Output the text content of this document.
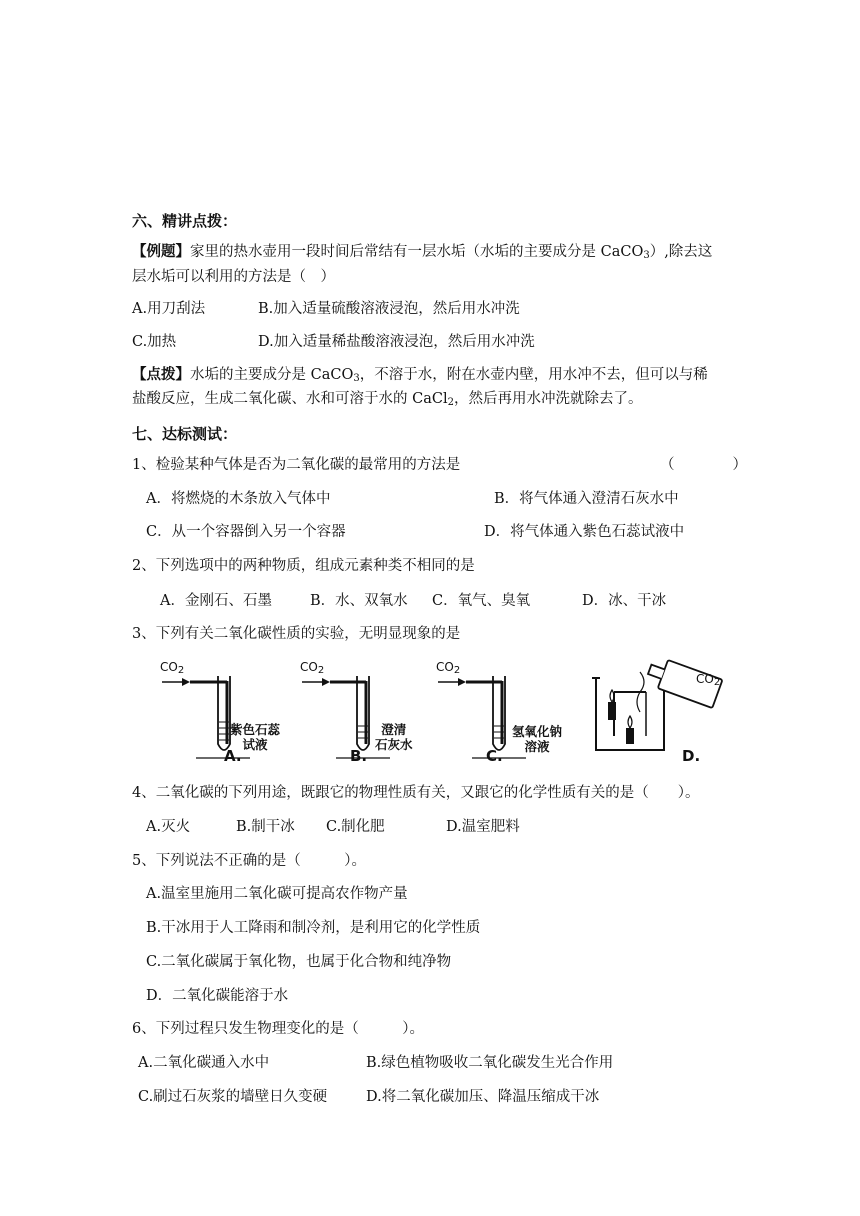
六、精讲点拨：
【例题】家里的热水壶用一段时间后常结有一层水垢（水垢的主要成分是 CaCO$_3$）,除去这
层水垢可以利用的方法是（　）
A.用刀刮法	B.加入适量硫酸溶液浸泡，然后用水冲洗
C.加热	D.加入适量稀盐酸溶液浸泡，然后用水冲洗
【点拨】水垢的主要成分是 CaCO$_3$，不溶于水，附在水壶内壁，用水冲不去，但可以与稀
盐酸反应，生成二氧化碳、水和可溶于水的 CaCl$_2$，然后再用水冲洗就除去了。
七、达标测试：
1、检验某种气体是否为二氧化碳的最常用的方法是	（　　　　）
A．将燃烧的木条放入气体中	B．将气体通入澄清石灰水中
C．从一个容器倒入另一个容器	D．将气体通入紫色石蕊试液中
2、下列选项中的两种物质，组成元素种类不相同的是
A．金刚石、石墨	B．水、双氧水 C．氧气、臭氧	D．冰、干冰
3、下列有关二氧化碳性质的实验，无明显现象的是
$CO_2$
紫色石蕊
试液
A.
$CO_2$
澄清
石灰水
B.
$CO_2$
氢氧化钠
溶液
C.
$CO_2$
D.
4、二氧化碳的下列用途，既跟它的物理性质有关，又跟它的化学性质有关的是（　　）。
A.灭火	B.制干冰 C.制化肥	D.温室肥料
5、下列说法不正确的是（　　　）。
A.温室里施用二氧化碳可提高农作物产量
B.干冰用于人工降雨和制冷剂，是利用它的化学性质
C.二氧化碳属于氧化物，也属于化合物和纯净物
D．二氧化碳能溶于水
6、下列过程只发生物理变化的是（　　　）。
A.二氧化碳通入水中	B.绿色植物吸收二氧化碳发生光合作用
C.刷过石灰浆的墙壁日久变硬	D.将二氧化碳加压、降温压缩成干冰
